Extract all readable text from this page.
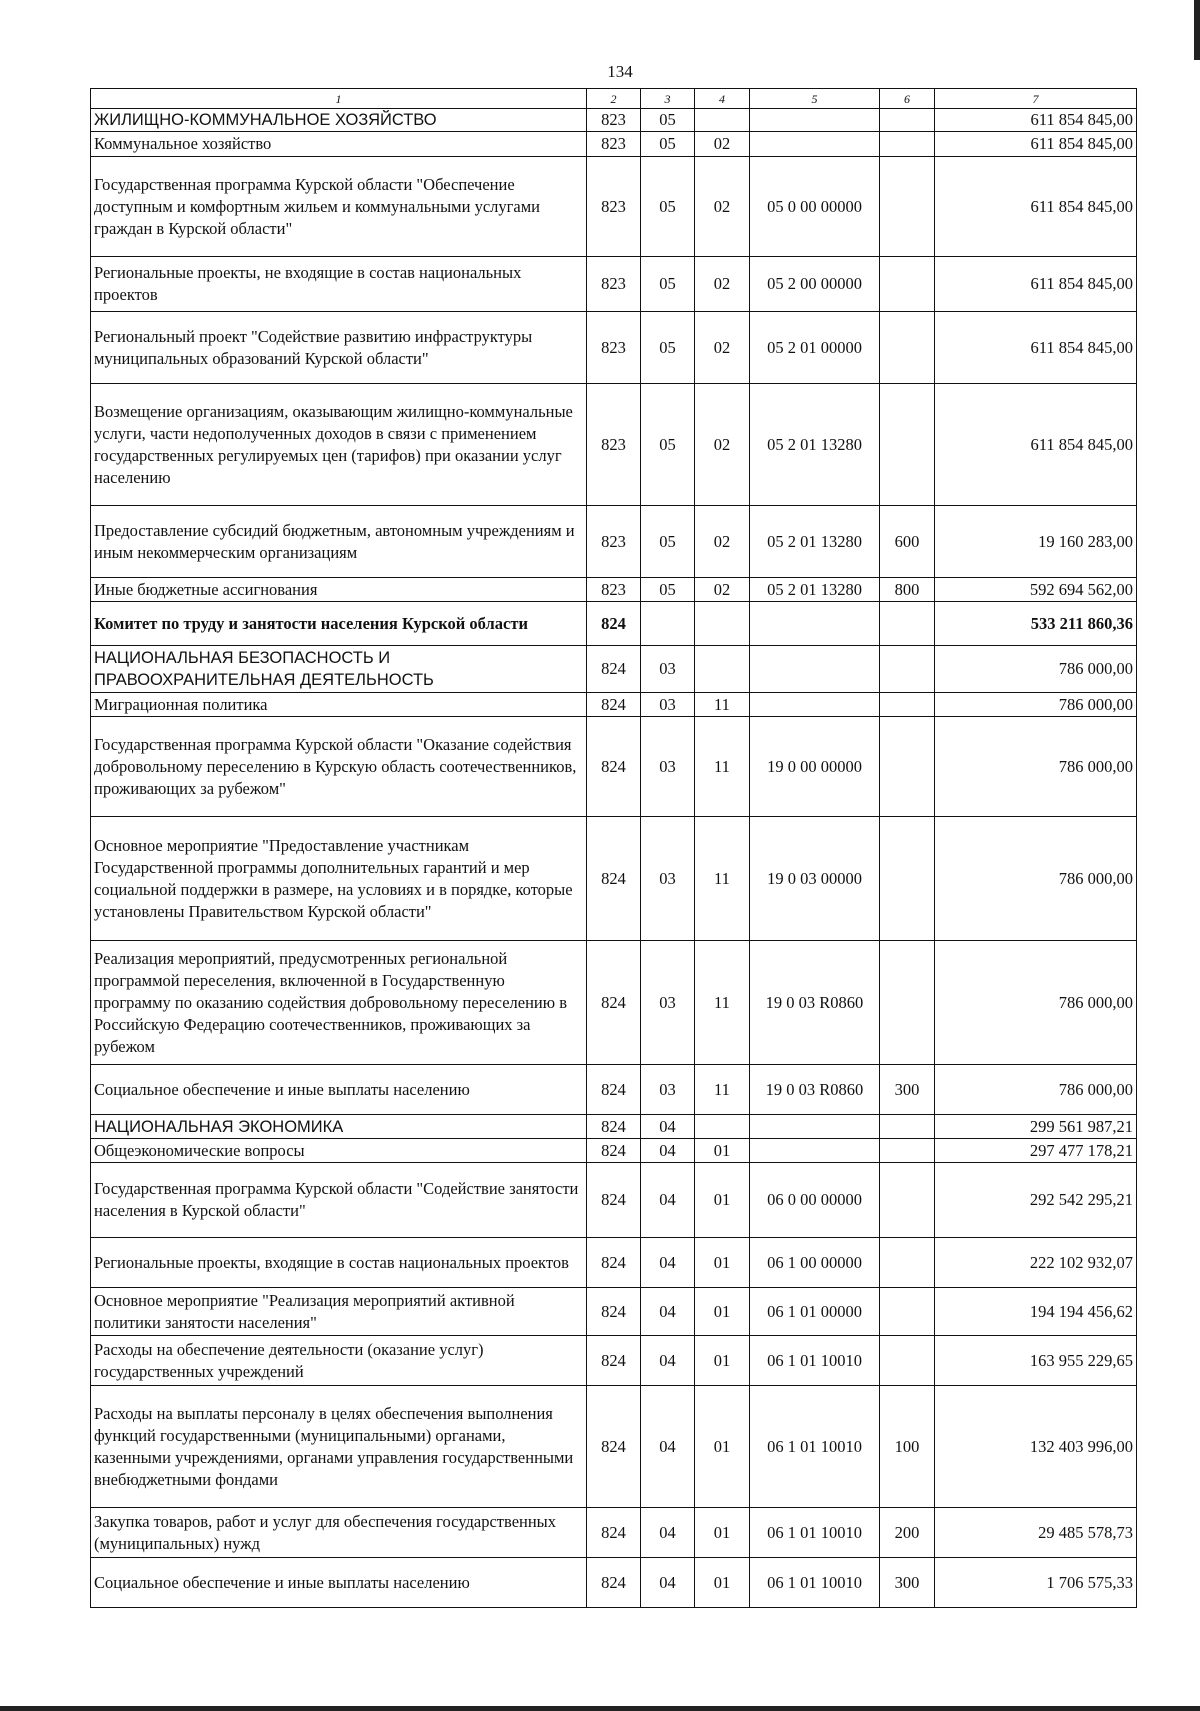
134
1	2	3	4	5	6	7
ЖИЛИЩНО-КОММУНАЛЬНОЕ ХОЗЯЙСТВО	823	05				611 854 845,00
Коммунальное хозяйство	823	05	02			611 854 845,00
Государственная программа Курской области "Обеспечение доступным и комфортным жильем и коммунальными услугами граждан в Курской области"	823	05	02	05 0 00 00000		611 854 845,00
Региональные проекты, не входящие в состав национальных проектов	823	05	02	05 2 00 00000		611 854 845,00
Региональный проект "Содействие развитию инфраструктуры муниципальных образований Курской области"	823	05	02	05 2 01 00000		611 854 845,00
Возмещение организациям, оказывающим жилищно-коммунальные услуги, части недополученных доходов в связи с применением государственных регулируемых цен (тарифов) при оказании услуг населению	823	05	02	05 2 01 13280		611 854 845,00
Предоставление субсидий бюджетным, автономным учреждениям и иным некоммерческим организациям	823	05	02	05 2 01 13280	600	19 160 283,00
Иные бюджетные ассигнования	823	05	02	05 2 01 13280	800	592 694 562,00
Комитет по труду и занятости населения Курской области	824					533 211 860,36
НАЦИОНАЛЬНАЯ БЕЗОПАСНОСТЬ И ПРАВООХРАНИТЕЛЬНАЯ ДЕЯТЕЛЬНОСТЬ	824	03				786 000,00
Миграционная политика	824	03	11			786 000,00
Государственная программа Курской области "Оказание содействия добровольному переселению в Курскую область соотечественников, проживающих за рубежом"	824	03	11	19 0 00 00000		786 000,00
Основное мероприятие "Предоставление участникам Государственной программы дополнительных гарантий и мер социальной поддержки в размере, на условиях и в порядке, которые установлены Правительством Курской области"	824	03	11	19 0 03 00000		786 000,00
Реализация мероприятий, предусмотренных региональной программой переселения, включенной в Государственную программу по оказанию содействия добровольному переселению в Российскую Федерацию соотечественников, проживающих за рубежом	824	03	11	19 0 03 R0860		786 000,00
Социальное обеспечение и иные выплаты населению	824	03	11	19 0 03 R0860	300	786 000,00
НАЦИОНАЛЬНАЯ ЭКОНОМИКА	824	04				299 561 987,21
Общеэкономические вопросы	824	04	01			297 477 178,21
Государственная программа Курской области "Содействие занятости населения в Курской области"	824	04	01	06 0 00 00000		292 542 295,21
Региональные проекты, входящие в состав национальных проектов	824	04	01	06 1 00 00000		222 102 932,07
Основное мероприятие "Реализация мероприятий активной политики занятости населения"	824	04	01	06 1 01 00000		194 194 456,62
Расходы на обеспечение деятельности (оказание услуг) государственных учреждений	824	04	01	06 1 01 10010		163 955 229,65
Расходы на выплаты персоналу в целях обеспечения выполнения функций государственными (муниципальными) органами, казенными учреждениями, органами управления государственными внебюджетными фондами	824	04	01	06 1 01 10010	100	132 403 996,00
Закупка товаров, работ и услуг для обеспечения государственных (муниципальных) нужд	824	04	01	06 1 01 10010	200	29 485 578,73
Социальное обеспечение и иные выплаты населению	824	04	01	06 1 01 10010	300	1 706 575,33
